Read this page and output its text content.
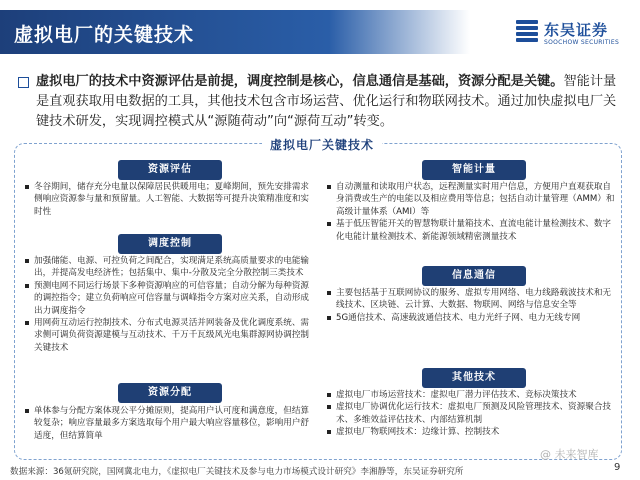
虚拟电厂的关键技术	东吴证券
SOOCHOW SECURITIES

虚拟电厂的技术中资源评估是前提，调度控制是核心，信息通信是基础，资源分配是关键。智能计量是直观获取用电数据的工具，其他技术包含市场运营、优化运行和物联网技术。通过加快虚拟电厂关键技术研发，实现调控模式从“源随荷动”向“源荷互动”转变。

虚拟电厂关键技术
资源评估
冬谷期间，储存充分电量以保障居民供暖用电；夏峰期间，预先安排需求侧响应资源参与量和预留量。人工智能、大数据等可提升决策精准度和实时性
调度控制
加强储能、电源、可控负荷之间配合，实现满足系统高质量要求的电能输出，并提高发电经济性；包括集中、集中-分散及完全分散控制三类技术
预测电网不同运行场景下多种资源响应的可信容量；自动分解为每种资源的调控指令；建立负荷响应可信容量与调峰指令方案对应关系，自动形成出力调度指令
用网荷互动运行控制技术、分布式电源灵活并网装备及优化调度系统、需求侧可调负荷资源建模与互动技术、千万千瓦级风光电集群源网协调控制关键技术
资源分配
单体参与分配方案体现公平分摊原则，提高用户认可度和满意度，但结算较复杂；响应容量最多方案选取每个用户最大响应容量移位，影响用户舒适度，但结算简单
智能计量
自动测量和读取用户状态，远程测量实时用户信息，方便用户直观获取自身消费或生产的电能以及相应费用等信息；包括自动计量管理（AMM）和高级计量体系（AMI）等
基于低压智能开关的智慧物联计量箱技术、直流电能计量检测技术、数字化电能计量检测技术、新能源领域精密测量技术
信息通信
主要包括基于互联网协议的服务、虚拟专用网络、电力线路载波技术和无线技术、区块链、云计算、大数据、物联网、网络与信息安全等
5G通信技术、高速载波通信技术、电力光纤子网、电力无线专网
其他技术
虚拟电厂市场运营技术：虚拟电厂潜力评估技术、竞标决策技术
虚拟电厂协调优化运行技术：虚拟电厂预测及风险管理技术、资源聚合技术、多维效益评估技术、内部结算机制
虚拟电厂物联网技术：边缘计算、控制技术
数据来源：36氪研究院，国网冀北电力，《虚拟电厂关键技术及参与电力市场模式设计研究》李湘静等，东吴证券研究所
@ 未来智库
9
